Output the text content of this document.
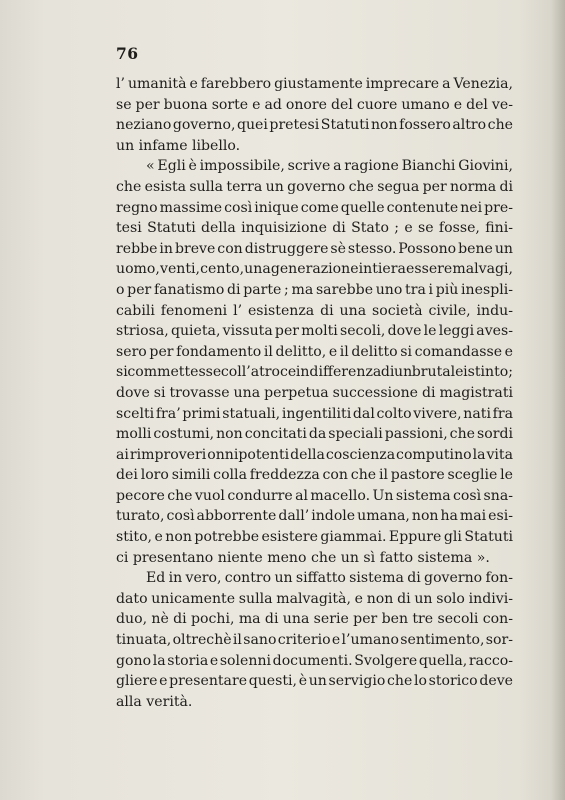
76
l’ umanità e farebbero giustamente imprecare a Venezia,
se per buona sorte e ad onore del cuore umano e del ve-
neziano governo, quei pretesi Statuti non fossero altro che
un infame libello.
« Egli è impossibile, scrive a ragione Bianchi Giovini,
che esista sulla terra un governo che segua per norma di
regno massime così inique come quelle contenute nei pre-
tesi Statuti della inquisizione di Stato ; e se fosse, fini-
rebbe in breve con distruggere sè stesso. Possono bene un
uomo, venti, cento, una generazione intiera essere malvagi,
o per fanatismo di parte ; ma sarebbe uno tra i più inespli-
cabili fenomeni l’ esistenza di una società civile, indu-
striosa, quieta, vissuta per molti secoli, dove le leggi aves-
sero per fondamento il delitto, e il delitto si comandasse e
si commettesse coll’atroce indifferenza di un brutale istinto;
dove si trovasse una perpetua successione di magistrati
scelti fra’ primi statuali, ingentiliti dal colto vivere, nati fra
molli costumi, non concitati da speciali passioni, che sordi
ai rimproveri onnipotenti della coscienza computino la vita
dei loro simili colla freddezza con che il pastore sceglie le
pecore che vuol condurre al macello. Un sistema così sna-
turato, così abborrente dall’ indole umana, non ha mai esi-
stito, e non potrebbe esistere giammai. Eppure gli Statuti
ci presentano niente meno che un sì fatto sistema ».
Ed in vero, contro un siffatto sistema di governo fon-
dato unicamente sulla malvagità, e non di un solo indivi-
duo, nè di pochi, ma di una serie per ben tre secoli con-
tinuata, oltrechè il sano criterio e l’umano sentimento, sor-
gono la storia e solenni documenti. Svolgere quella, racco-
gliere e presentare questi, è un servigio che lo storico deve
alla verità.
